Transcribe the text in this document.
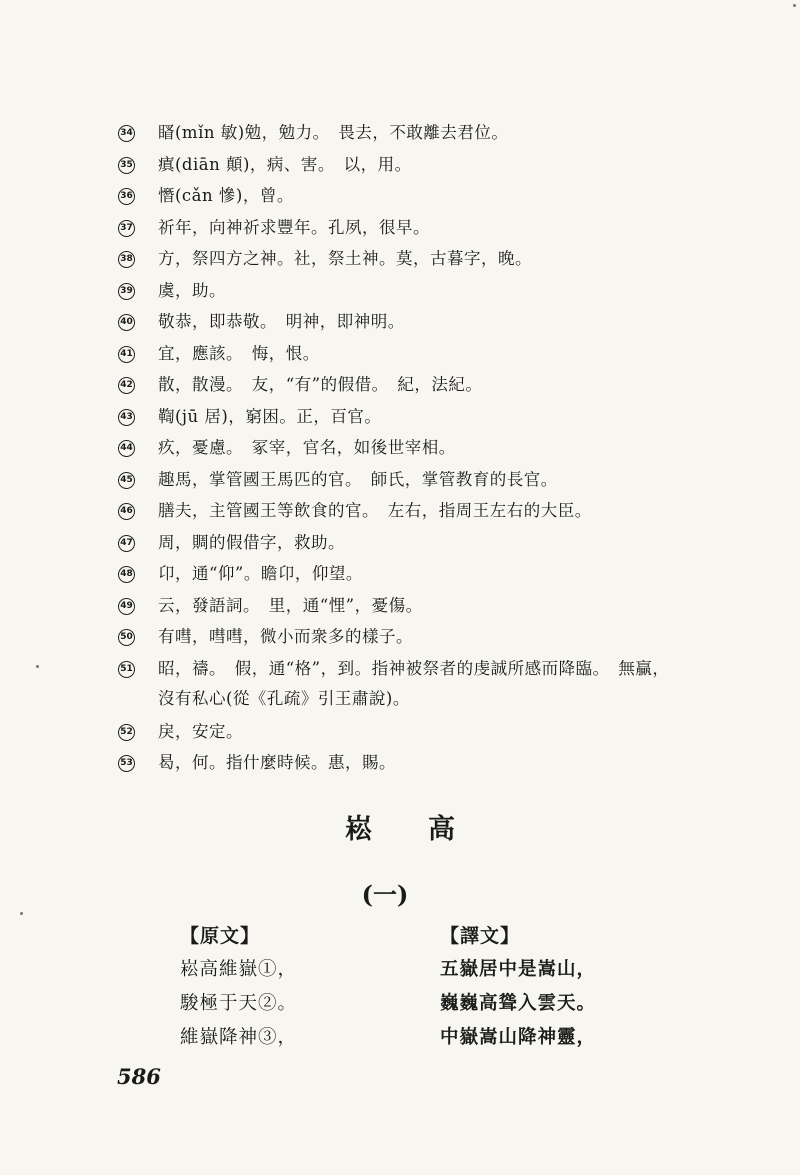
34 䁊(mǐn 敏)勉，勉力。　畏去，不敢離去君位。
35 瘨(diān 顛)，病、害。　以，用。
36 憯(cǎn 慘)，曾。
37 祈年，向神祈求豐年。孔夙，很早。
38 方，祭四方之神。社，祭土神。莫，古暮字，晚。
39 虞，助。
40 敬恭，即恭敬。　明神，即神明。
41 宜，應該。　悔，恨。
42 散，散漫。　友，“有”的假借。　紀，法紀。
43 鞫(jū 居)，窮困。正，百官。
44 疚，憂慮。　冢宰，官名，如後世宰相。
45 趣馬，掌管國王馬匹的官。　師氏，掌管教育的長官。
46 膳夫，主管國王等飲食的官。　左右，指周王左右的大臣。
47 周，賙的假借字，救助。
48 卬，通“仰”。瞻卬，仰望。
49 云，發語詞。　里，通“悝”，憂傷。
50 有嘒，嘒嘒，微小而衆多的樣子。
51 昭，禱。　假，通“格”，到。指神被祭者的虔誠所感而降臨。　無贏，
沒有私心(從《孔疏》引王肅說)。
52 戾，安定。
53 曷，何。指什麼時候。惠，賜。
崧 高
(一)
【原文】
崧高維嶽①，
駿極于天②。
維嶽降神③，
【譯文】
五嶽居中是嵩山，
巍巍高聳入雲天。
中嶽嵩山降神靈，
586
